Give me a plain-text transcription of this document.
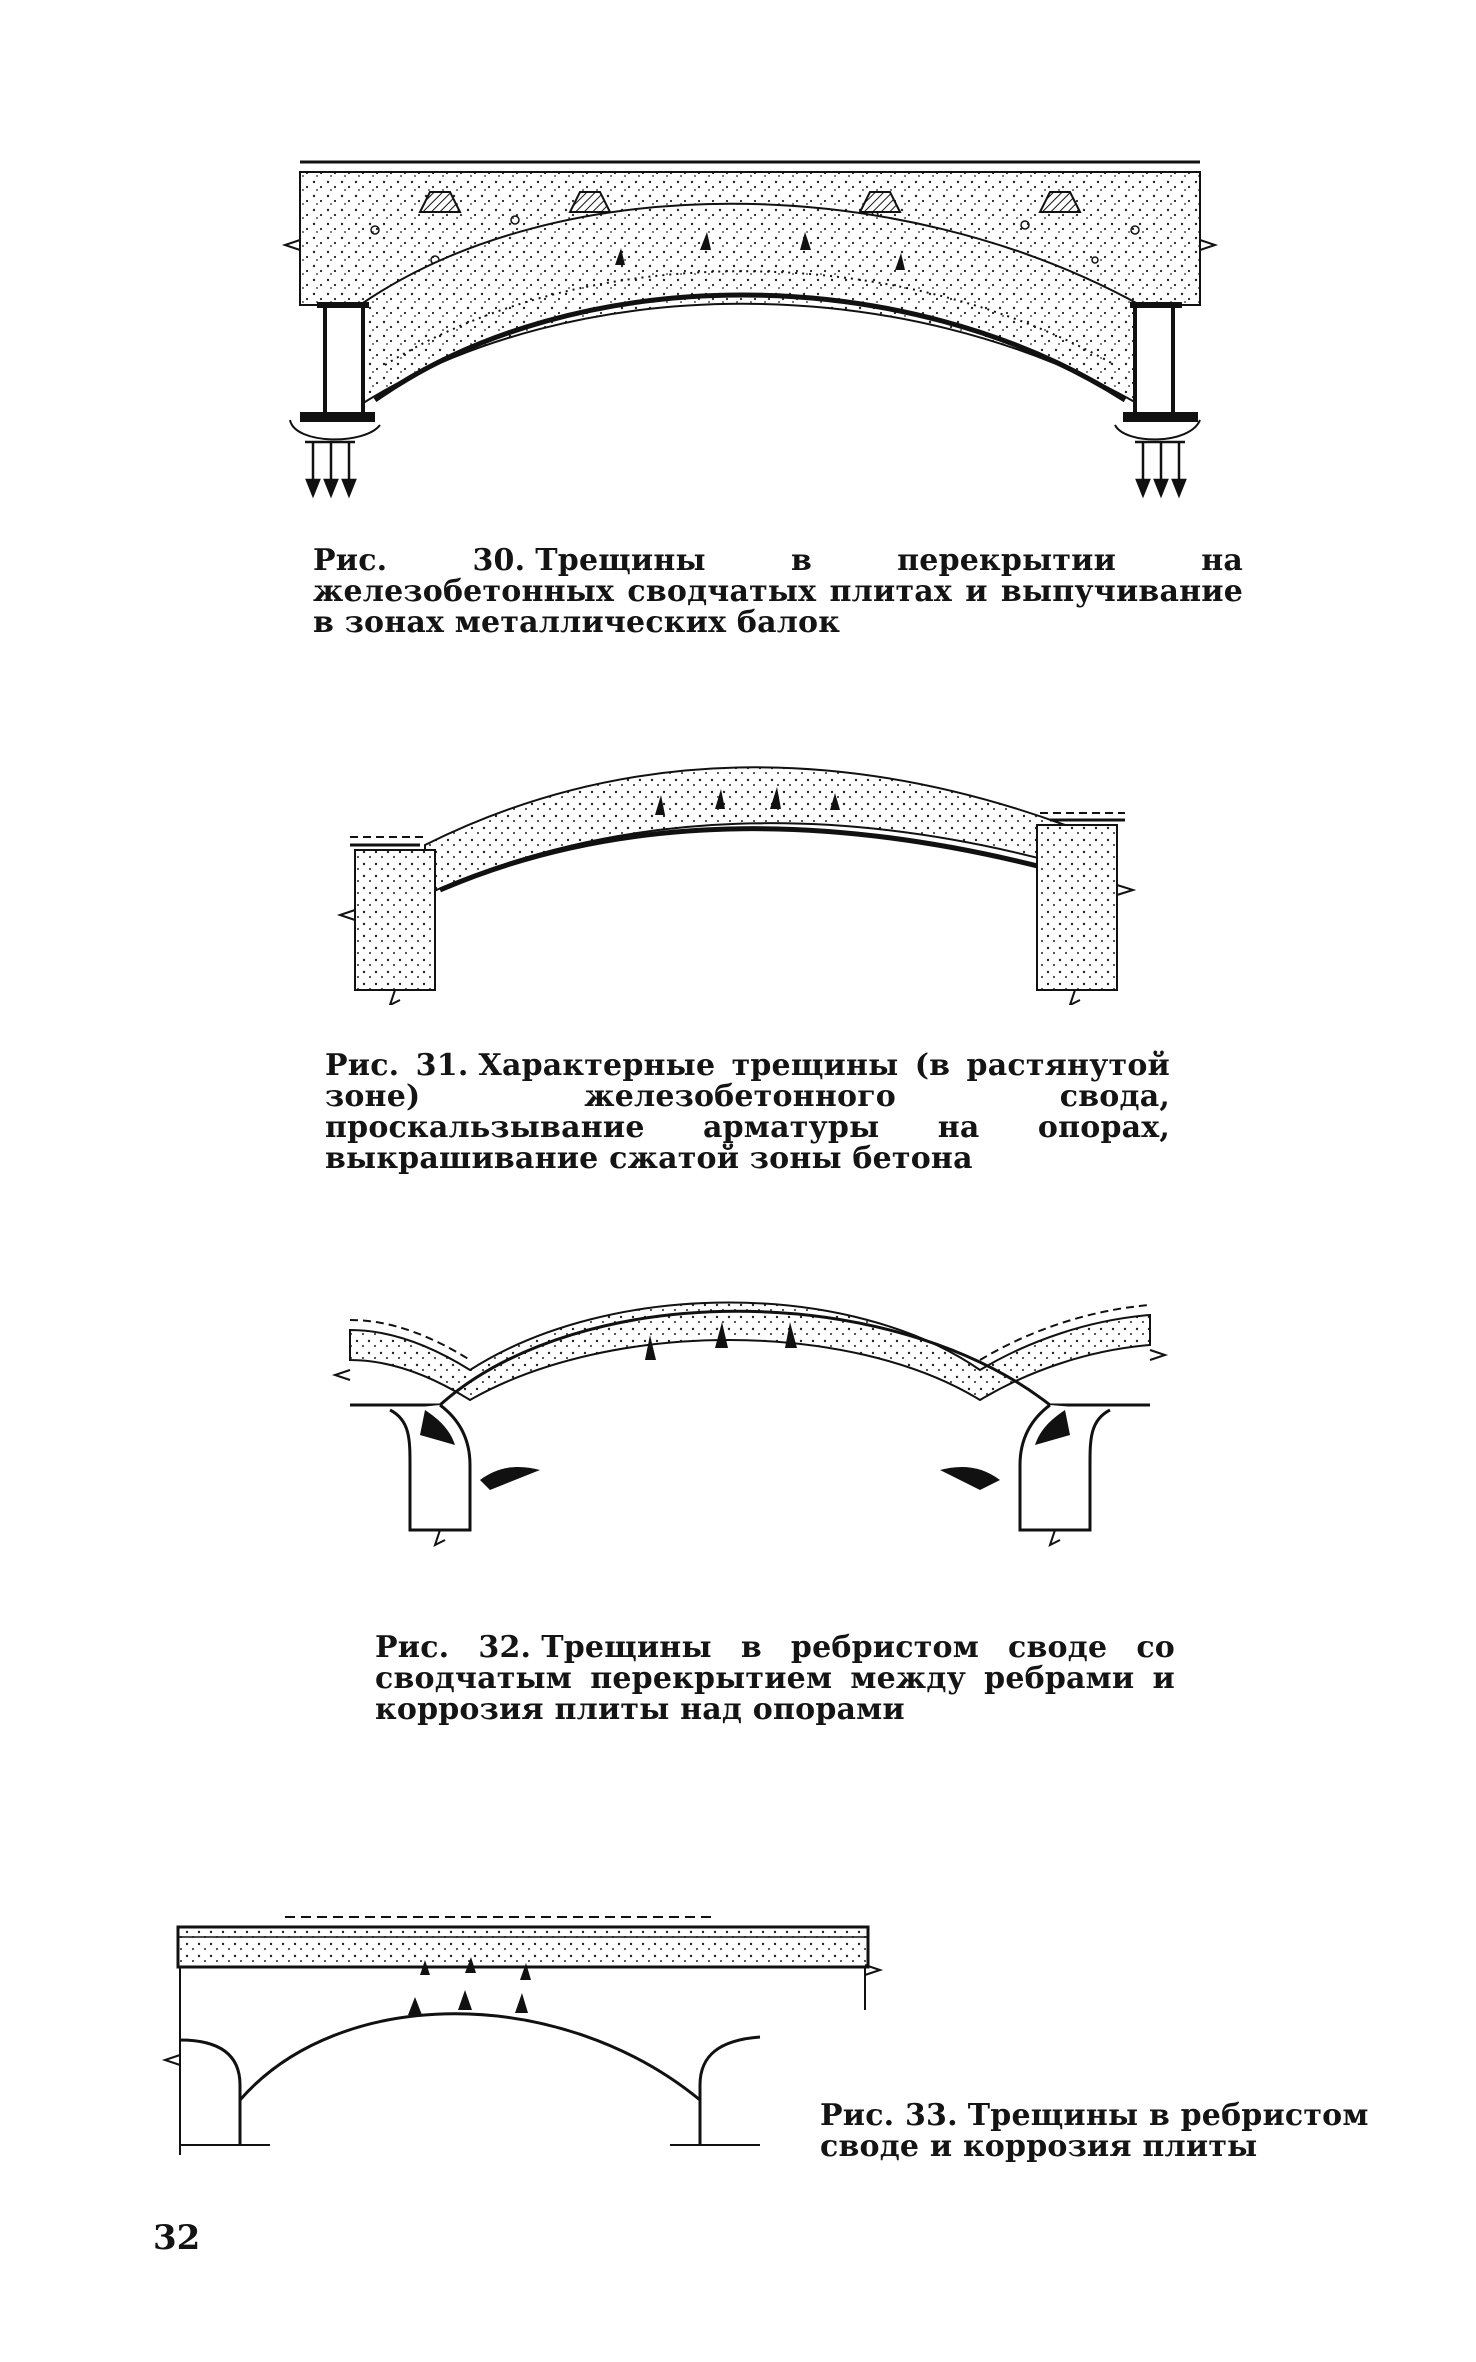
Рис. 30. Трещины в перекрытии на железобетонных сводчатых плитах и выпучивание в зонах металлических балок
Рис. 31. Характерные трещины (в растянутой зоне) железобетонного свода, проскальзывание арматуры на опорах, выкрашивание сжатой зоны бетона
Рис. 32. Трещины в ребристом своде со сводчатым перекрытием между ребрами и коррозия плиты над опорами
Рис. 33. Трещины в ребристом своде и коррозия плиты
32
